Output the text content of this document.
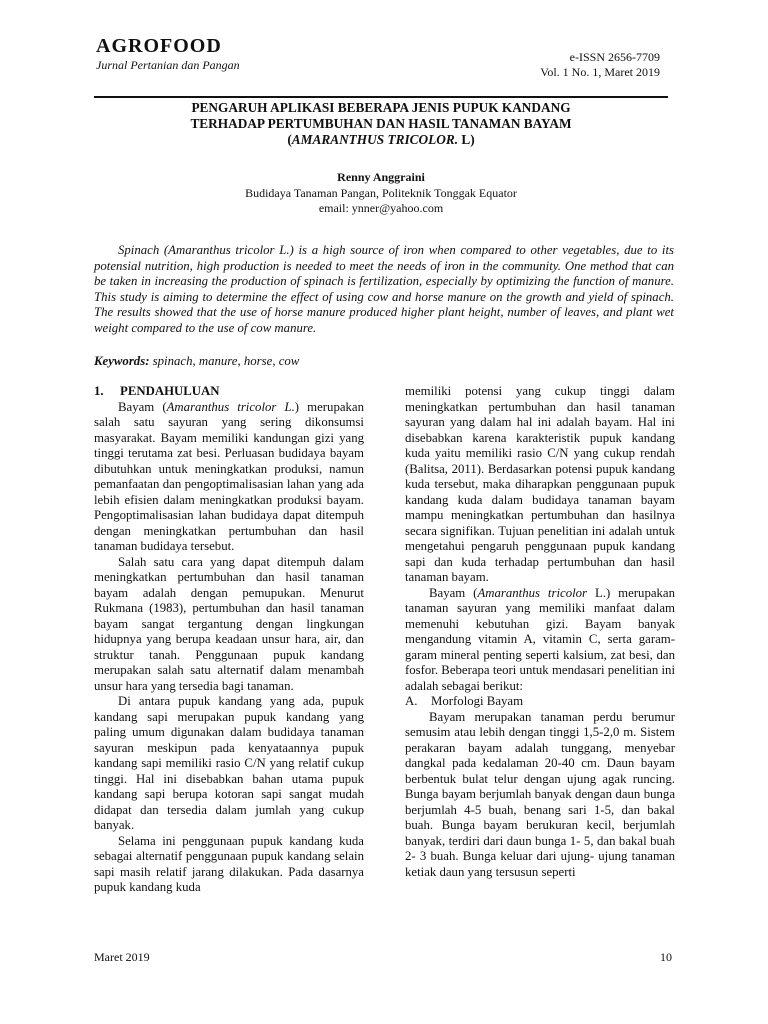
AGROFOOD
Jurnal Pertanian dan Pangan
e-ISSN 2656-7709
Vol. 1 No. 1, Maret 2019
PENGARUH APLIKASI BEBERAPA JENIS PUPUK KANDANG
TERHADAP PERTUMBUHAN DAN HASIL TANAMAN BAYAM
(AMARANTHUS TRICOLOR. L)
Renny Anggraini
Budidaya Tanaman Pangan, Politeknik Tonggak Equator
email: ynner@yahoo.com

Spinach (Amaranthus tricolor L.) is a high source of iron when compared to other vegetables, due to its potensial nutrition, high production is needed to meet the needs of iron in the community. One method that can be taken in increasing the production of spinach is fertilization, especially by optimizing the function of manure. This study is aiming to determine the effect of using cow and horse manure on the growth and yield of spinach. The results showed that the use of horse manure produced higher plant height, number of leaves, and plant wet weight compared to the use of cow manure.

Keywords: spinach, manure, horse, cow

1. PENDAHULUAN

Bayam (Amaranthus tricolor L.) merupakan salah satu sayuran yang sering dikonsumsi masyarakat. Bayam memiliki kandungan gizi yang tinggi terutama zat besi. Perluasan budidaya bayam dibutuhkan untuk meningkatkan produksi, namun pemanfaatan dan pengoptimalisasian lahan yang ada lebih efisien dalam meningkatkan produksi bayam. Pengoptimalisasian lahan budidaya dapat ditempuh dengan meningkatkan pertumbuhan dan hasil tanaman budidaya tersebut.

Salah satu cara yang dapat ditempuh dalam meningkatkan pertumbuhan dan hasil tanaman bayam adalah dengan pemupukan. Menurut Rukmana (1983), pertumbuhan dan hasil tanaman bayam sangat tergantung dengan lingkungan hidupnya yang berupa keadaan unsur hara, air, dan struktur tanah. Penggunaan pupuk kandang merupakan salah satu alternatif dalam menambah unsur hara yang tersedia bagi tanaman.

Di antara pupuk kandang yang ada, pupuk kandang sapi merupakan pupuk kandang yang paling umum digunakan dalam budidaya tanaman sayuran meskipun pada kenyataannya pupuk kandang sapi memiliki rasio C/N yang relatif cukup tinggi. Hal ini disebabkan bahan utama pupuk kandang sapi berupa kotoran sapi sangat mudah didapat dan tersedia dalam jumlah yang cukup banyak.

Selama ini penggunaan pupuk kandang kuda sebagai alternatif penggunaan pupuk kandang selain sapi masih relatif jarang dilakukan. Pada dasarnya pupuk kandang kuda

memiliki potensi yang cukup tinggi dalam meningkatkan pertumbuhan dan hasil tanaman sayuran yang dalam hal ini adalah bayam. Hal ini disebabkan karena karakteristik pupuk kandang kuda yaitu memiliki rasio C/N yang cukup rendah (Balitsa, 2011). Berdasarkan potensi pupuk kandang kuda tersebut, maka diharapkan penggunaan pupuk kandang kuda dalam budidaya tanaman bayam mampu meningkatkan pertumbuhan dan hasilnya secara signifikan. Tujuan penelitian ini adalah untuk mengetahui pengaruh penggunaan pupuk kandang sapi dan kuda terhadap pertumbuhan dan hasil tanaman bayam.

Bayam (Amaranthus tricolor L.) merupakan tanaman sayuran yang memiliki manfaat dalam memenuhi kebutuhan gizi. Bayam banyak mengandung vitamin A, vitamin C, serta garam-garam mineral penting seperti kalsium, zat besi, dan fosfor. Beberapa teori untuk mendasari penelitian ini adalah sebagai berikut:

A. Morfologi Bayam

Bayam merupakan tanaman perdu berumur semusim atau lebih dengan tinggi 1,5-2,0 m. Sistem perakaran bayam adalah tunggang, menyebar dangkal pada kedalaman 20-40 cm. Daun bayam berbentuk bulat telur dengan ujung agak runcing. Bunga bayam berjumlah banyak dengan daun bunga berjumlah 4-5 buah, benang sari 1-5, dan bakal buah. Bunga bayam berukuran kecil, berjumlah banyak, terdiri dari daun bunga 1- 5, dan bakal buah 2- 3 buah. Bunga keluar dari ujung- ujung tanaman ketiak daun yang tersusun seperti

Maret 2019	10
